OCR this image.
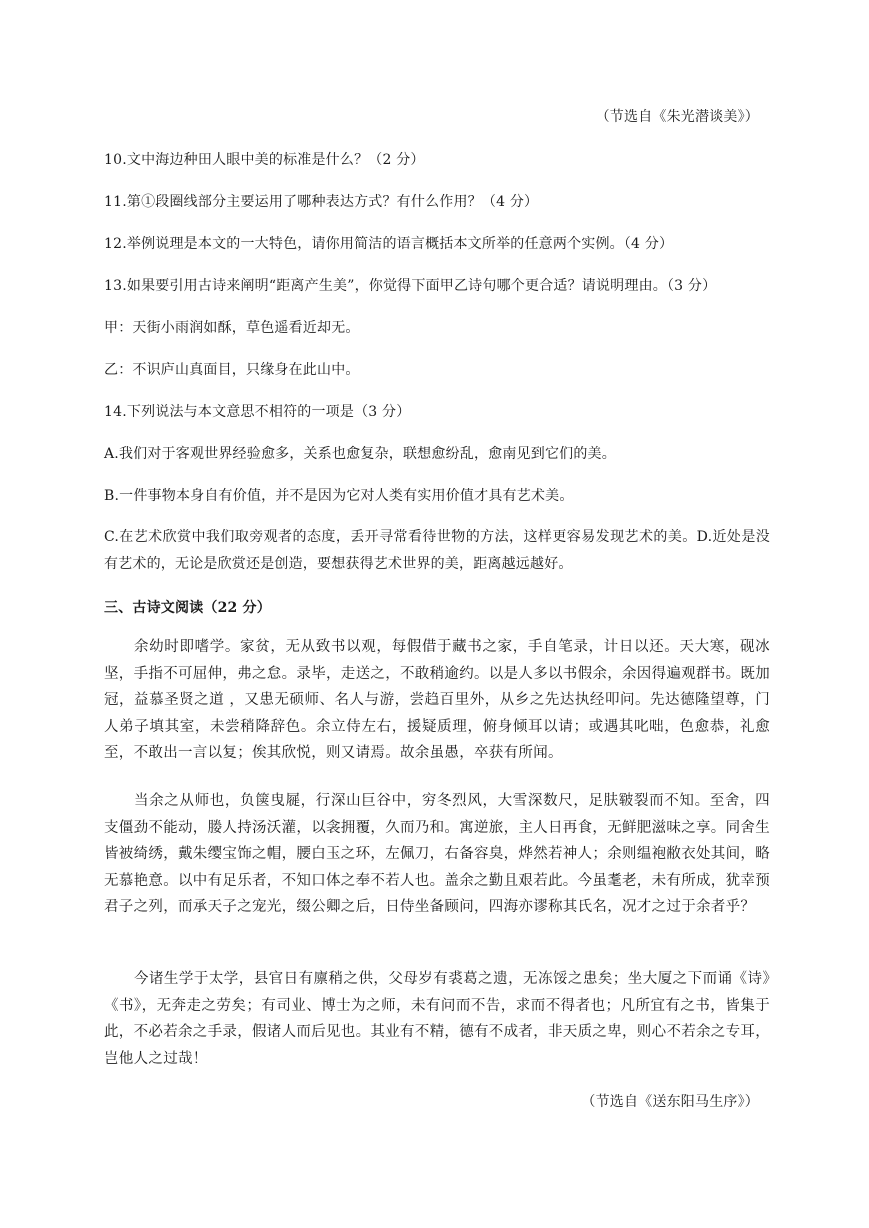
（节选自《朱光潜谈美》）
10.文中海边种田人眼中美的标准是什么？（2 分）
11.第①段圈线部分主要运用了哪种表达方式？有什么作用？（4 分）
12.举例说理是本文的一大特色，请你用简洁的语言概括本文所举的任意两个实例。（4 分）
13.如果要引用古诗来阐明“距离产生美”，你觉得下面甲乙诗句哪个更合适？请说明理由。（3 分）
甲：天街小雨润如酥，草色遥看近却无。
乙：不识庐山真面目，只缘身在此山中。
14.下列说法与本文意思不相符的一项是（3 分）
A.我们对于客观世界经验愈多，关系也愈复杂，联想愈纷乱，愈南见到它们的美。
B.一件事物本身自有价值，并不是因为它对人类有实用价值才具有艺术美。

C.在艺术欣赏中我们取旁观者的态度，丢开寻常看待世物的方法，这样更容易发现艺术的美。D.近处是没有艺术的，无论是欣赏还是创造，要想获得艺术世界的美，距离越远越好。

三、古诗文阅读（22 分）

余幼时即嗜学。家贫，无从致书以观，每假借于藏书之家，手自笔录，计日以还。天大寒，砚冰坚，手指不可屈伸，弗之怠。录毕，走送之，不敢稍逾约。以是人多以书假余，余因得遍观群书。既加冠，益慕圣贤之道 ，又患无硕师、名人与游，尝趋百里外，从乡之先达执经叩问。先达德隆望尊，门人弟子填其室，未尝稍降辞色。余立侍左右，援疑质理，俯身倾耳以请；或遇其叱咄，色愈恭，礼愈至，不敢出一言以复；俟其欣悦，则又请焉。故余虽愚，卒获有所闻。

当余之从师也，负箧曳屣，行深山巨谷中，穷冬烈风，大雪深数尺，足肤皲裂而不知。至舍，四支僵劲不能动，媵人持汤沃灌，以衾拥覆，久而乃和。寓逆旅，主人日再食，无鲜肥滋味之享。同舍生皆被绮绣，戴朱缨宝饰之帽，腰白玉之环，左佩刀，右备容臭，烨然若神人；余则缊袍敝衣处其间，略无慕艳意。以中有足乐者，不知口体之奉不若人也。盖余之勤且艰若此。今虽耄老，未有所成，犹幸预君子之列，而承天子之宠光，缀公卿之后，日侍坐备顾问，四海亦谬称其氏名，况才之过于余者乎？

今诸生学于太学，县官日有廪稍之供，父母岁有裘葛之遗，无冻馁之患矣；坐大厦之下而诵《诗》《书》，无奔走之劳矣；有司业、博士为之师，未有问而不告，求而不得者也；凡所宜有之书，皆集于此，不必若余之手录，假诸人而后见也。其业有不精，德有不成者，非天质之卑，则心不若余之专耳，岂他人之过哉！

（节选自《送东阳马生序》）
